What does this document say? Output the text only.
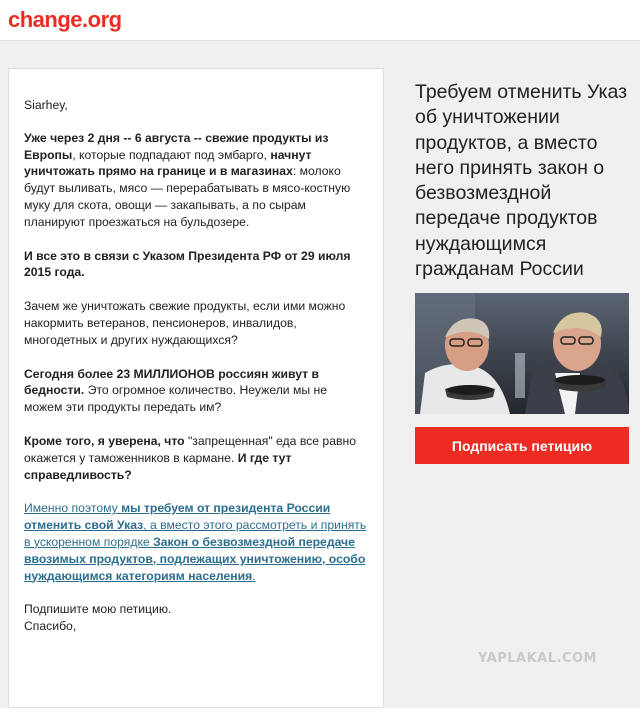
change.org

Siarhey,

Уже через 2 дня -- 6 августа -- свежие продукты из Европы, которые подпадают под эмбарго, начнут уничтожать прямо на границе и в магазинах: молоко будут выливать, мясо — перерабатывать в мясо-костную муку для скота, овощи — закапывать, а по сырам планируют проезжаться на бульдозере.

И все это в связи с Указом Президента РФ от 29 июля 2015 года.

Зачем же уничтожать свежие продукты, если ими можно накормить ветеранов, пенсионеров, инвалидов, многодетных и других нуждающихся?

Сегодня более 23 МИЛЛИОНОВ россиян живут в бедности. Это огромное количество. Неужели мы не можем эти продукты передать им?

Кроме того, я уверена, что "запрещенная" еда все равно окажется у таможенников в кармане. И где тут справедливость?

Именно поэтому мы требуем от президента России отменить свой Указ, а вместо этого рассмотреть и принять в ускоренном порядке Закон о безвозмездной передаче ввозимых продуктов, подлежащих уничтожению, особо нуждающимся категориям населения.

Подпишите мою петицию.

Спасибо,

Требуем отменить Указ об уничтожении продуктов, а вместо него принять закон о безвозмездной передаче продуктов нуждающимся гражданам России

Подписать петицию
YAPLAKAL.COM
